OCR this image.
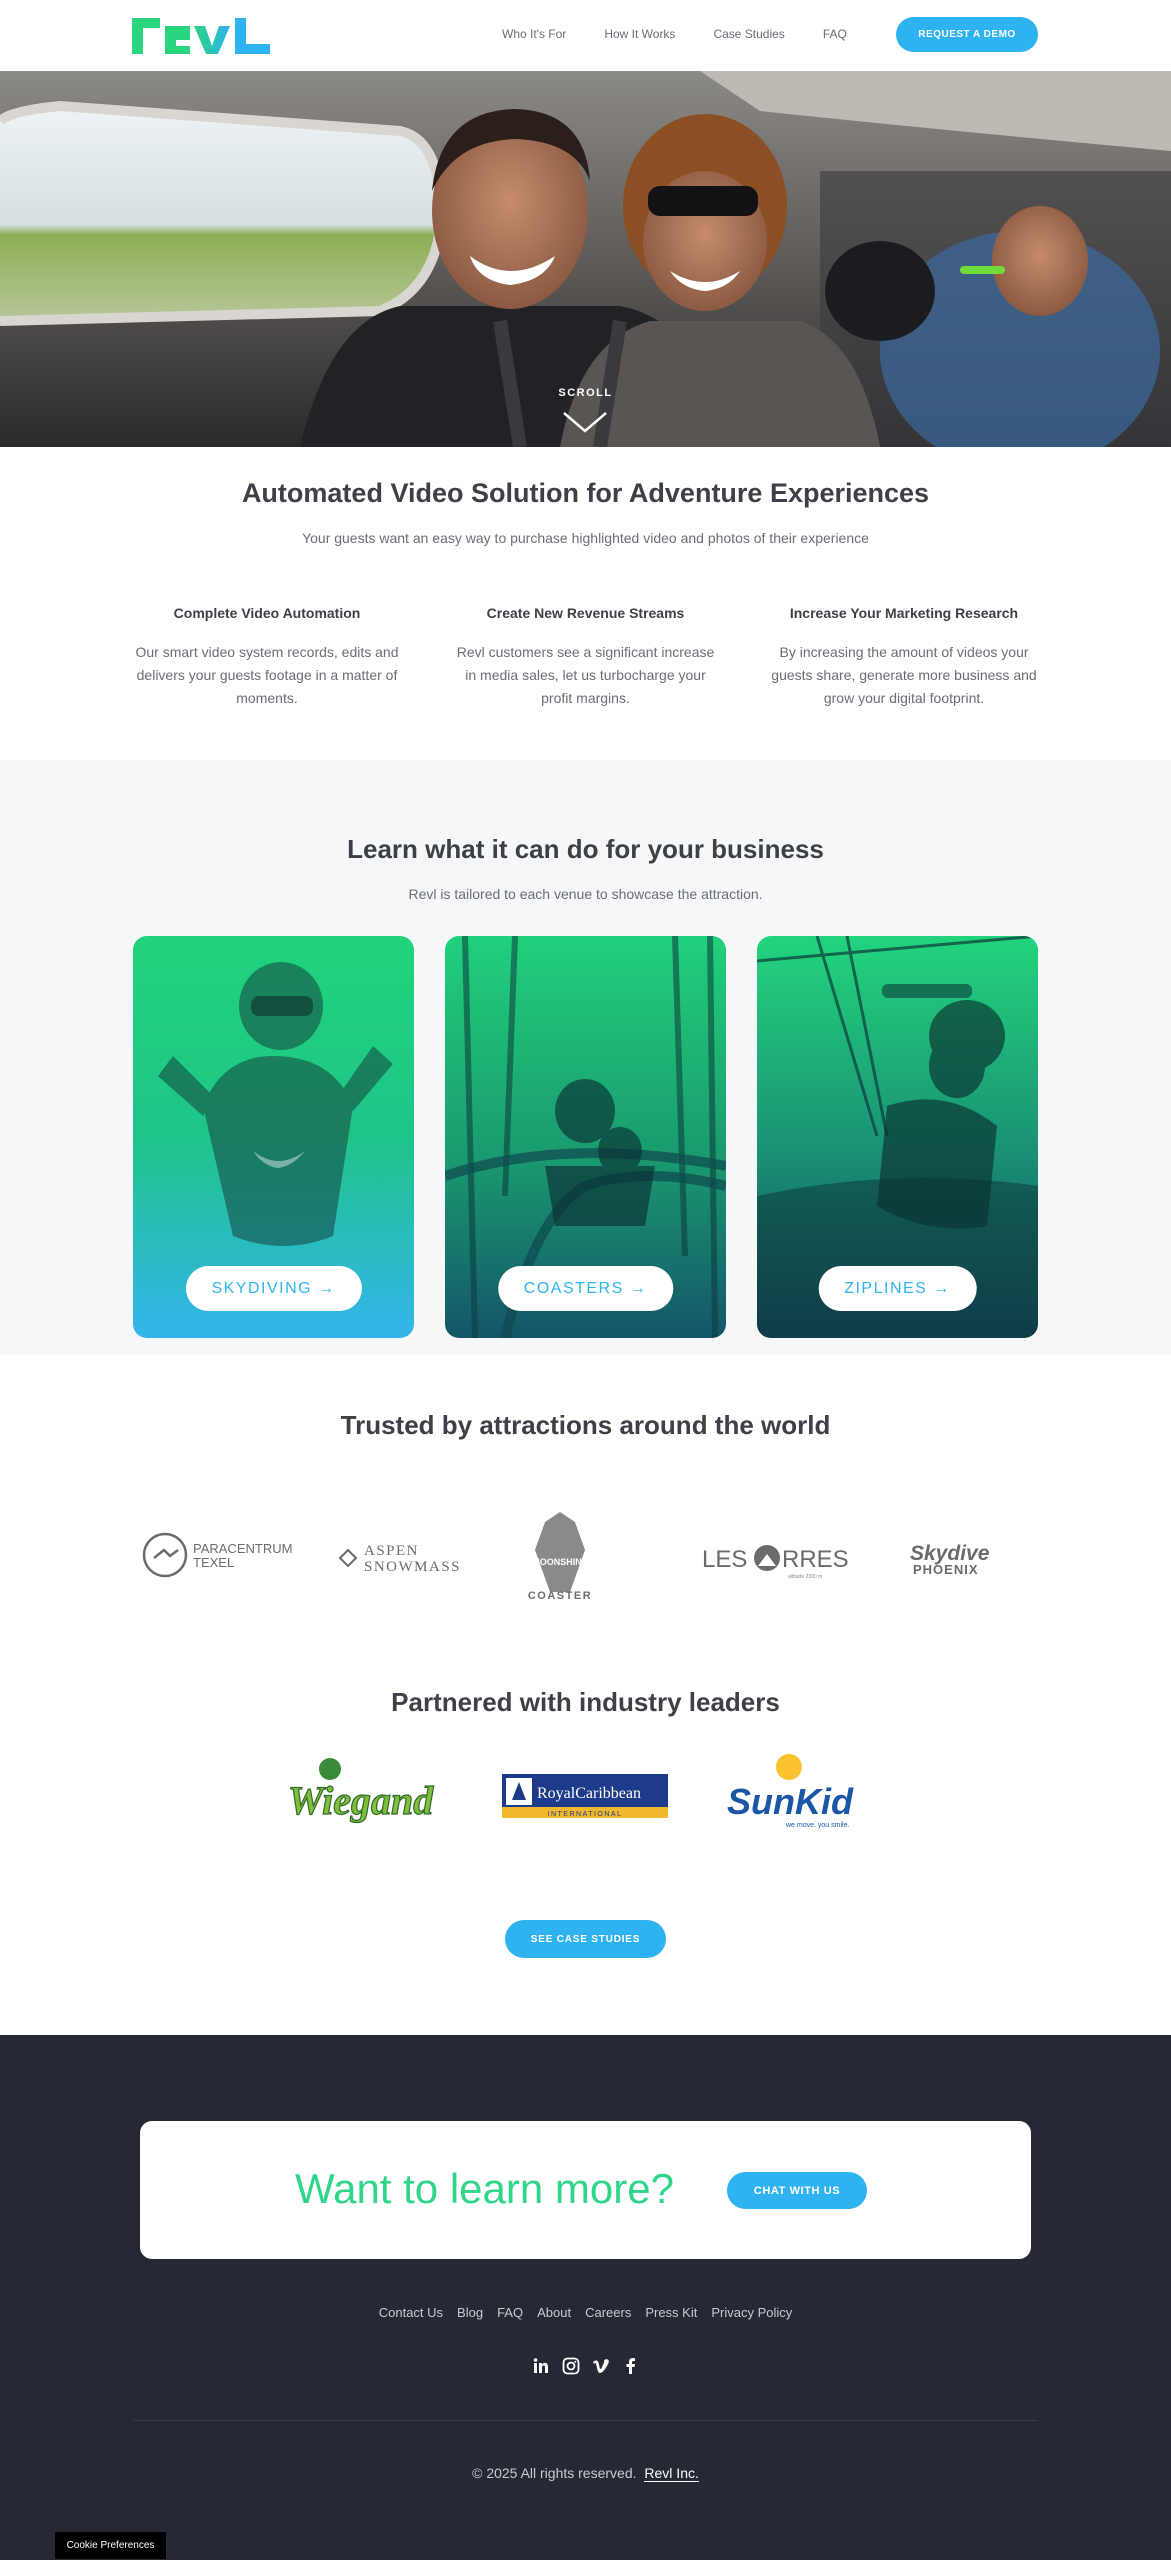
Who It's For	How It Works	Case Studies	FAQ	REQUEST A DEMO
SCROLL
Automated Video Solution for Adventure Experiences

Your guests want an easy way to purchase highlighted video and photos of their experience

Complete Video Automation

Our smart video system records, edits and delivers your guests footage in a matter of moments.

Create New Revenue Streams

Revl customers see a significant increase in media sales, let us turbocharge your profit margins.

Increase Your Marketing Research

By increasing the amount of videos your guests share, generate more business and grow your digital footprint.

Learn what it can do for your business

Revl is tailored to each venue to showcase the attraction.

SKYDIVING →	COASTERS →	ZIPLINES →
Trusted by attractions around the world
PARACENTRUM
TEXEL
ASPEN
SNOWMASS	MOONSHINE
COASTER
LES RRES
altitude 2300 m
Skydive
PHOENIX
Partnered with industry leaders
Wiegand	RoyalCaribbean
INTERNATIONAL	SunKid
we move. you smile.
SEE CASE STUDIES
Want to learn more?	CHAT WITH US
Contact Us Blog FAQ About Careers Press Kit Privacy Policy
© 2025 All rights reserved. Revl Inc.
Cookie Preferences
